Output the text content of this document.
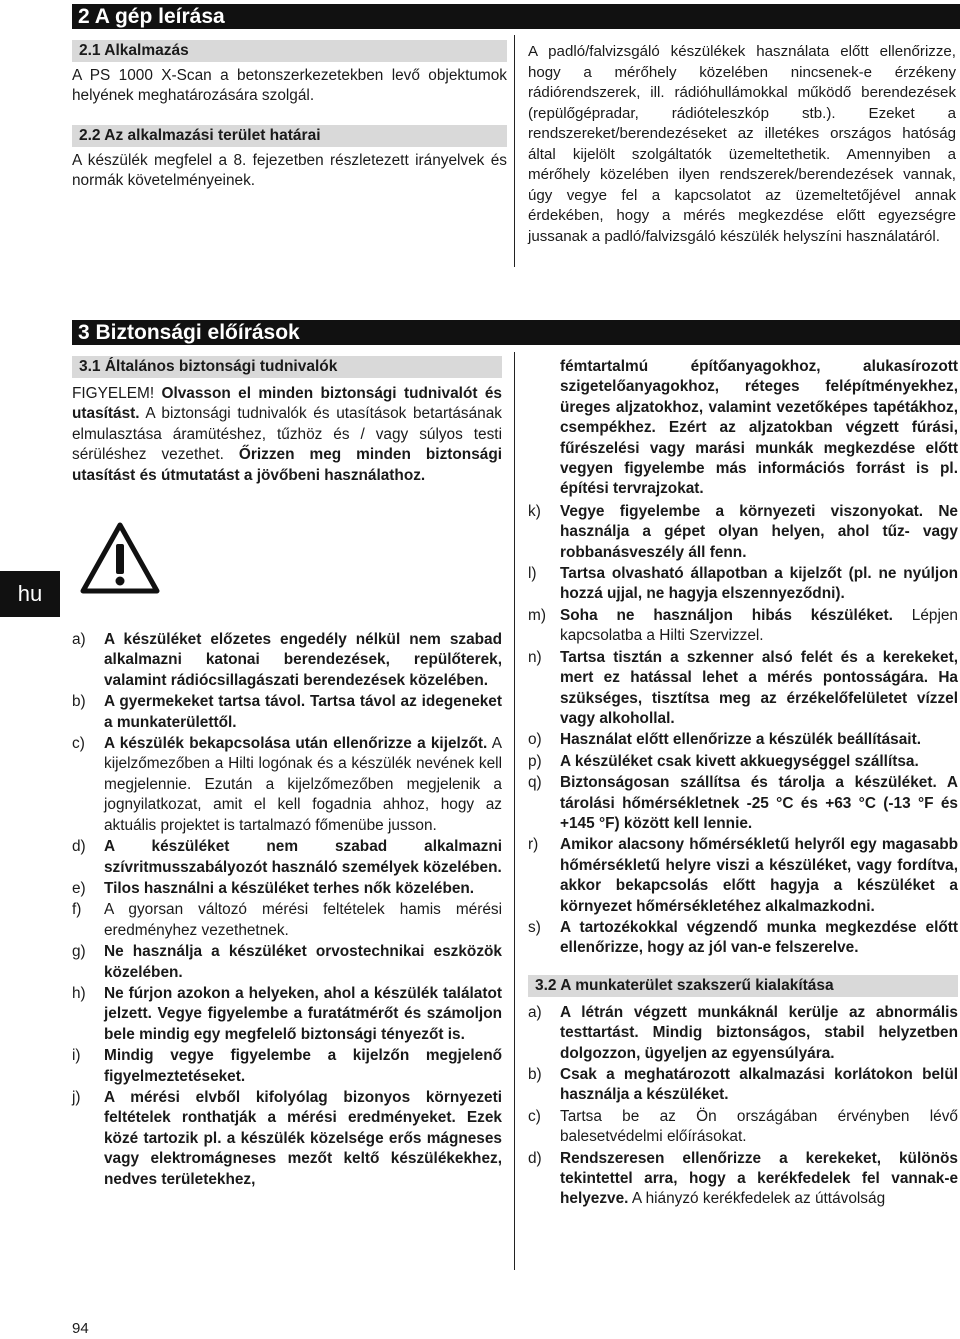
2 A gép leírása
2.1 Alkalmazás

A PS 1000 X-Scan a betonszerkezetekben levő objektumok helyének meghatározására szolgál.

2.2 Az alkalmazási terület határai

A készülék megfelel a 8. fejezetben részletezett irányelvek és normák követelményeinek.

A padló/falvizsgáló készülékek használata előtt ellenőrizze, hogy a mérőhely közelében nincsenek-e érzékeny rádiórendszerek, ill. rádióhullámokkal működő berendezések (repülőgépradar, rádióteleszkóp stb.). Ezeket a rendszereket/berendezéseket az illetékes országos hatóság által kijelölt szolgáltatók üzemeltethetik. Amennyiben a mérőhely közelében ilyen rendszerek/berendezések vannak, úgy vegye fel a kapcsolatot az üzemeltetőjével annak érdekében, hogy a mérés megkezdése előtt egyezségre jussanak a padló/falvizsgáló készülék helyszíni használatáról.

3 Biztonsági előírások
3.1 Általános biztonsági tudnivalók

FIGYELEM! Olvasson el minden biztonsági tudnivalót és utasítást. A biztonsági tudnivalók és utasítások betartásának elmulasztása áramütéshez, tűzhöz és / vagy súlyos testi sérüléshez vezethet. Őrizzen meg minden biztonsági utasítást és útmutatást a jövőbeni használathoz.

a) A készüléket előzetes engedély nélkül nem szabad alkalmazni katonai berendezések, repülőterek, valamint rádiócsillagászati berendezések közelében.
b) A gyermekeket tartsa távol. Tartsa távol az idegeneket a munkaterülettől.
c) A készülék bekapcsolása után ellenőrizze a kijelzőt. A kijelzőmezőben a Hilti logónak és a készülék nevének kell megjelennie. Ezután a kijelzőmezőben megjelenik a jognyilatkozat, amit el kell fogadnia ahhoz, hogy az aktuális projektet is tartalmazó főmenübe jusson.
d) A készüléket nem szabad alkalmazni szívritmusszabályozót használó személyek közelében.
e) Tilos használni a készüléket terhes nők közelében.
f) A gyorsan változó mérési feltételek hamis mérési eredményhez vezethetnek.
g) Ne használja a készüléket orvostechnikai eszközök közelében.
h) Ne fúrjon azokon a helyeken, ahol a készülék találatot jelzett. Vegye figyelembe a furatátmérőt és számoljon bele mindig egy megfelelő biztonsági tényezőt is.
i) Mindig vegye figyelembe a kijelzőn megjelenő figyelmeztetéseket.
j) A mérési elvből kifolyólag bizonyos környezeti feltételek ronthatják a mérési eredményeket. Ezek közé tartozik pl. a készülék közelsége erős mágneses vagy elektromágneses mezőt keltő készülékekhez, nedves területekhez,

fémtartalmú építőanyagokhoz, alukasírozott szigetelőanyagokhoz, réteges felépítményekhez, üreges aljzatokhoz, valamint vezetőképes tapétákhoz, csempékhez. Ezért az aljzatokban végzett fúrási, fűrészelési vagy marási munkák megkezdése előtt vegyen figyelembe más információs forrást is pl. építési tervrajzokat.

k) Vegye figyelembe a környezeti viszonyokat. Ne használja a gépet olyan helyen, ahol tűz- vagy robbanásveszély áll fenn.
l) Tartsa olvasható állapotban a kijelzőt (pl. ne nyúljon hozzá ujjal, ne hagyja elszennyeződni).
m) Soha ne használjon hibás készüléket. Lépjen kapcsolatba a Hilti Szervizzel.
n) Tartsa tisztán a szkenner alsó felét és a kerekeket, mert ez hatással lehet a mérés pontosságára. Ha szükséges, tisztítsa meg az érzékelőfelületet vízzel vagy alkohollal.
o) Használat előtt ellenőrizze a készülék beállításait.
p) A készüléket csak kivett akkuegységgel szállítsa.
q) Biztonságosan szállítsa és tárolja a készüléket. A tárolási hőmérsékletnek -25 °C és +63 °C (-13 °F és +145 °F) között kell lennie.
r) Amikor alacsony hőmérsékletű helyről egy magasabb hőmérsékletű helyre viszi a készüléket, vagy fordítva, akkor bekapcsolás előtt hagyja a készüléket a környezet hőmérsékletéhez alkalmazkodni.
s) A tartozékokkal végzendő munka megkezdése előtt ellenőrizze, hogy az jól van-e felszerelve.
3.2 A munkaterület szakszerű kialakítása
a) A létrán végzett munkáknál kerülje az abnormális testtartást. Mindig biztonságos, stabil helyzetben dolgozzon, ügyeljen az egyensúlyára.
b) Csak a meghatározott alkalmazási korlátokon belül használja a készüléket.
c) Tartsa be az Ön országában érvényben lévő balesetvédelmi előírásokat.
d) Rendszeresen ellenőrizze a kerekeket, különös tekintettel arra, hogy a kerékfedelek fel vannak-e helyezve. A hiányzó kerékfedelek az úttávolság
hu
94
